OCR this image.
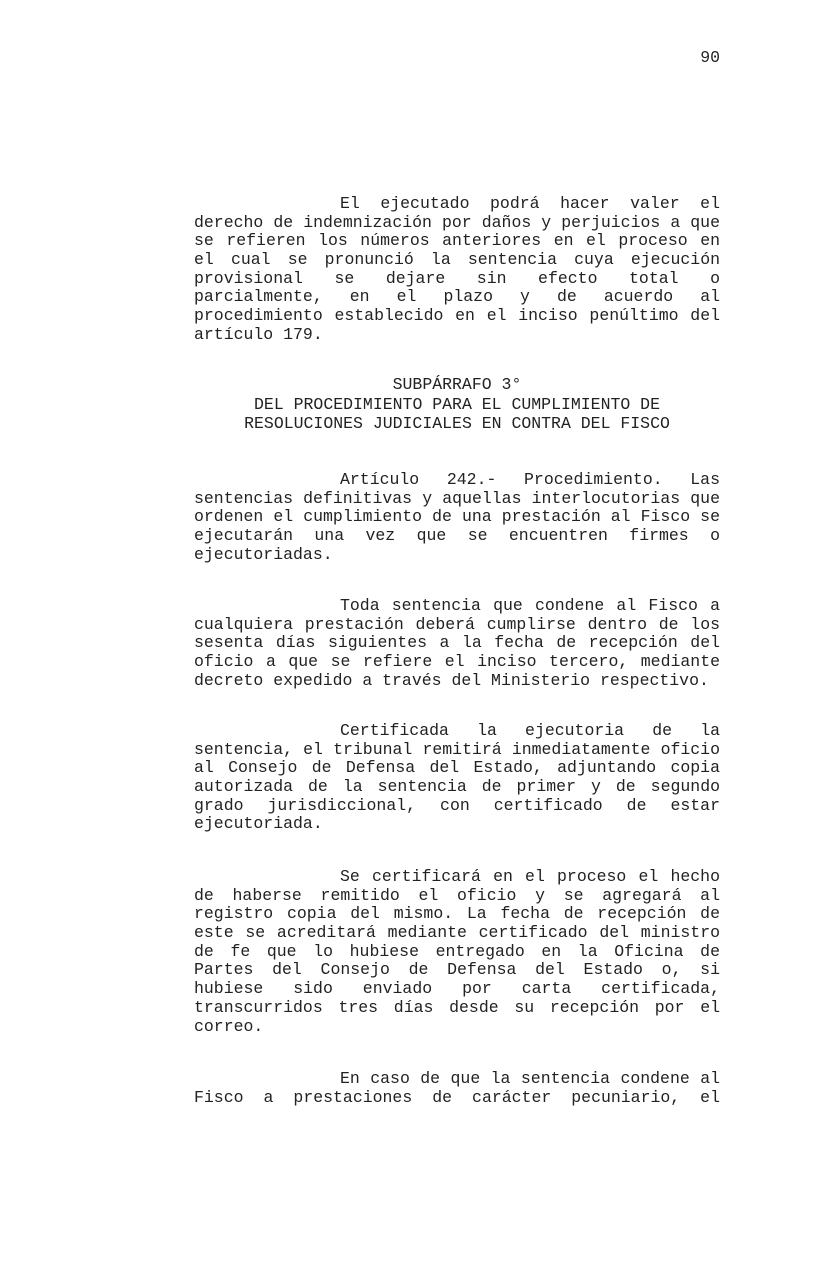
90
El ejecutado podrá hacer valer el
derecho de indemnización por daños y perjuicios a que
se refieren los números anteriores en el proceso en
el cual se pronunció la sentencia cuya ejecución
provisional se dejare sin efecto total o
parcialmente, en el plazo y de acuerdo al
procedimiento establecido en el inciso penúltimo del
artículo 179.
SUBPÁRRAFO 3°
DEL PROCEDIMIENTO PARA EL CUMPLIMIENTO DE
RESOLUCIONES JUDICIALES EN CONTRA DEL FISCO
Artículo 242.- Procedimiento. Las
sentencias definitivas y aquellas interlocutorias que
ordenen el cumplimiento de una prestación al Fisco se
ejecutarán una vez que se encuentren firmes o
ejecutoriadas.
Toda sentencia que condene al Fisco a
cualquiera prestación deberá cumplirse dentro de los
sesenta días siguientes a la fecha de recepción del
oficio a que se refiere el inciso tercero, mediante
decreto expedido a través del Ministerio respectivo.
Certificada la ejecutoria de la
sentencia, el tribunal remitirá inmediatamente oficio
al Consejo de Defensa del Estado, adjuntando copia
autorizada de la sentencia de primer y de segundo
grado jurisdiccional, con certificado de estar
ejecutoriada.
Se certificará en el proceso el hecho
de haberse remitido el oficio y se agregará al
registro copia del mismo. La fecha de recepción de
este se acreditará mediante certificado del ministro
de fe que lo hubiese entregado en la Oficina de
Partes del Consejo de Defensa del Estado o, si
hubiese sido enviado por carta certificada,
transcurridos tres días desde su recepción por el
correo.
En caso de que la sentencia condene al
Fisco a prestaciones de carácter pecuniario, el
